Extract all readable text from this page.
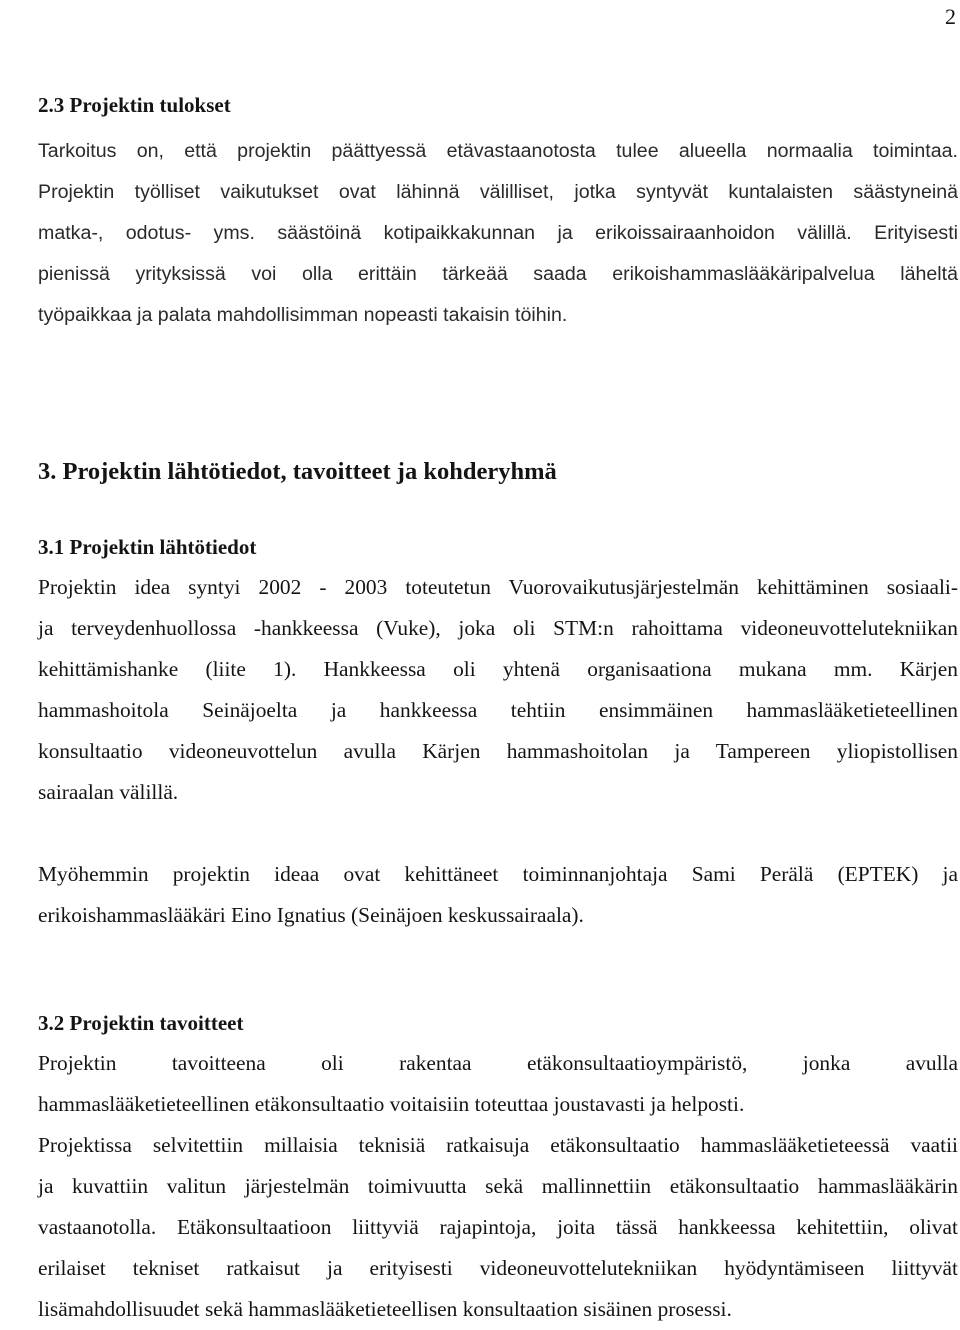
2
2.3 Projektin tulokset
Tarkoitus on, että projektin päättyessä etävastaanotosta tulee alueella normaalia toimintaa.
Projektin työlliset vaikutukset ovat lähinnä välilliset, jotka syntyvät kuntalaisten säästyneinä
matka-, odotus- yms. säästöinä kotipaikkakunnan ja erikoissairaanhoidon välillä. Erityisesti
pienissä yrityksissä voi olla erittäin tärkeää saada erikoishammaslääkäripalvelua läheltä
työpaikkaa ja palata mahdollisimman nopeasti takaisin töihin.
3. Projektin lähtötiedot, tavoitteet ja kohderyhmä
3.1 Projektin lähtötiedot
Projektin idea syntyi 2002 - 2003 toteutetun Vuorovaikutusjärjestelmän kehittäminen sosiaali-
ja terveydenhuollossa -hankkeessa (Vuke), joka oli STM:n rahoittama videoneuvottelutekniikan
kehittämishanke (liite 1). Hankkeessa oli yhtenä organisaationa mukana mm. Kärjen
hammashoitola Seinäjoelta ja hankkeessa tehtiin ensimmäinen hammaslääketieteellinen
konsultaatio videoneuvottelun avulla Kärjen hammashoitolan ja Tampereen yliopistollisen
sairaalan välillä.
Myöhemmin projektin ideaa ovat kehittäneet toiminnanjohtaja Sami Perälä (EPTEK) ja
erikoishammaslääkäri Eino Ignatius (Seinäjoen keskussairaala).
3.2 Projektin tavoitteet
Projektin tavoitteena oli rakentaa etäkonsultaatioympäristö, jonka avulla
hammaslääketieteellinen etäkonsultaatio voitaisiin toteuttaa joustavasti ja helposti.
Projektissa selvitettiin millaisia teknisiä ratkaisuja etäkonsultaatio hammaslääketieteessä vaatii
ja kuvattiin valitun järjestelmän toimivuutta sekä mallinnettiin etäkonsultaatio hammaslääkärin
vastaanotolla. Etäkonsultaatioon liittyviä rajapintoja, joita tässä hankkeessa kehitettiin, olivat
erilaiset tekniset ratkaisut ja erityisesti videoneuvottelutekniikan hyödyntämiseen liittyvät
lisämahdollisuudet sekä hammaslääketieteellisen konsultaation sisäinen prosessi.
